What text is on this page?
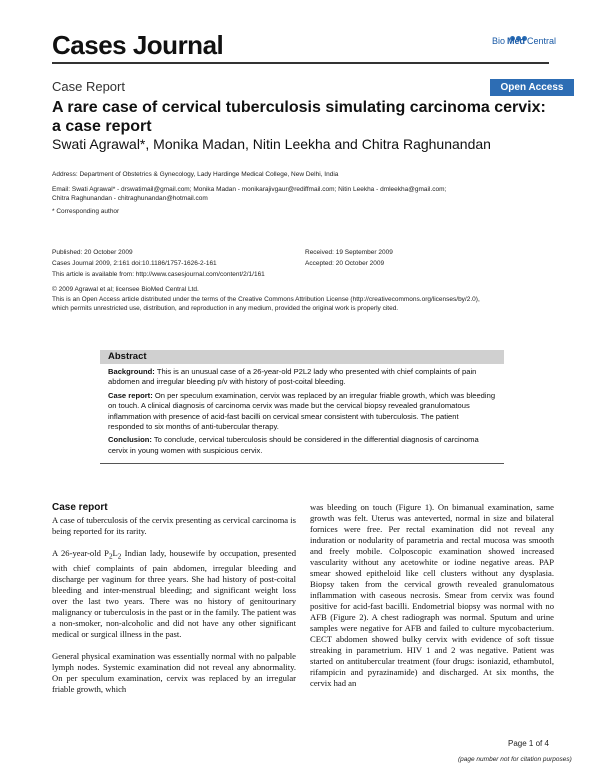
Cases Journal	Bio Med Central
Case Report	Open Access
A rare case of cervical tuberculosis simulating carcinoma cervix: a case report
Swati Agrawal*, Monika Madan, Nitin Leekha and Chitra Raghunandan
Address: Department of Obstetrics & Gynecology, Lady Hardinge Medical College, New Delhi, India
Email: Swati Agrawal* - drswatimail@gmail.com; Monika Madan - monikarajivgaur@rediffmail.com; Nitin Leekha - dmleekha@gmail.com;
Chitra Raghunandan - chitraghunandan@hotmail.com
* Corresponding author
Published: 20 October 2009
Cases Journal 2009, 2:161 doi:10.1186/1757-1626-2-161
Received: 19 September 2009
Accepted: 20 October 2009
This article is available from: http://www.casesjournal.com/content/2/1/161
© 2009 Agrawal et al; licensee BioMed Central Ltd.
This is an Open Access article distributed under the terms of the Creative Commons Attribution License (http://creativecommons.org/licenses/by/2.0),
which permits unrestricted use, distribution, and reproduction in any medium, provided the original work is properly cited.
Abstract

Background: This is an unusual case of a 26-year-old P2L2 lady who presented with chief complaints of pain abdomen and irregular bleeding p/v with history of post-coital bleeding.

Case report: On per speculum examination, cervix was replaced by an irregular friable growth, which was bleeding on touch. A clinical diagnosis of carcinoma cervix was made but the cervical biopsy revealed granulomatous inflammation with presence of acid-fast bacilli on cervical smear consistent with tuberculosis. The patient responded to six months of anti-tubercular therapy.

Conclusion: To conclude, cervical tuberculosis should be considered in the differential diagnosis of carcinoma cervix in young women with suspicious cervix.

Case report

A case of tuberculosis of the cervix presenting as cervical carcinoma is being reported for its rarity.

A 26-year-old $P_2L_2$ Indian lady, housewife by occupation, presented with chief complaints of pain abdomen, irregular bleeding and discharge per vaginum for three years. She had history of post-coital bleeding and inter-menstrual bleeding; and significant weight loss over the last two years. There was no history of genitourinary malignancy or tuberculosis in the past or in the family. The patient was a non-smoker, non-alcoholic and did not have any other significant medical or surgical illness in the past.

General physical examination was essentially normal with no palpable lymph nodes. Systemic examination did not reveal any abnormality. On per speculum examination, cervix was replaced by an irregular friable growth, which

was bleeding on touch (Figure 1). On bimanual examination, same growth was felt. Uterus was anteverted, normal in size and bilateral fornices were free. Per rectal examination did not reveal any induration or nodularity of parametria and rectal mucosa was smooth and freely mobile. Colposcopic examination showed increased vascularity without any acetowhite or iodine negative areas. PAP smear showed epitheloid like cell clusters without any dysplasia. Biopsy taken from the cervical growth revealed granulomatous inflammation with caseous necrosis. Smear from cervix was found positive for acid-fast bacilli. Endometrial biopsy was normal with no AFB (Figure 2). A chest radiograph was normal. Sputum and urine samples were negative for AFB and failed to culture mycobacterium. CECT abdomen showed bulky cervix with evidence of soft tissue streaking in parametrium. HIV 1 and 2 was negative. Patient was started on antitubercular treatment (four drugs: isoniazid, ethambutol, rifampicin and pyrazinamide) and discharged. At six months, the cervix had an

Page 1 of 4
(page number not for citation purposes)
